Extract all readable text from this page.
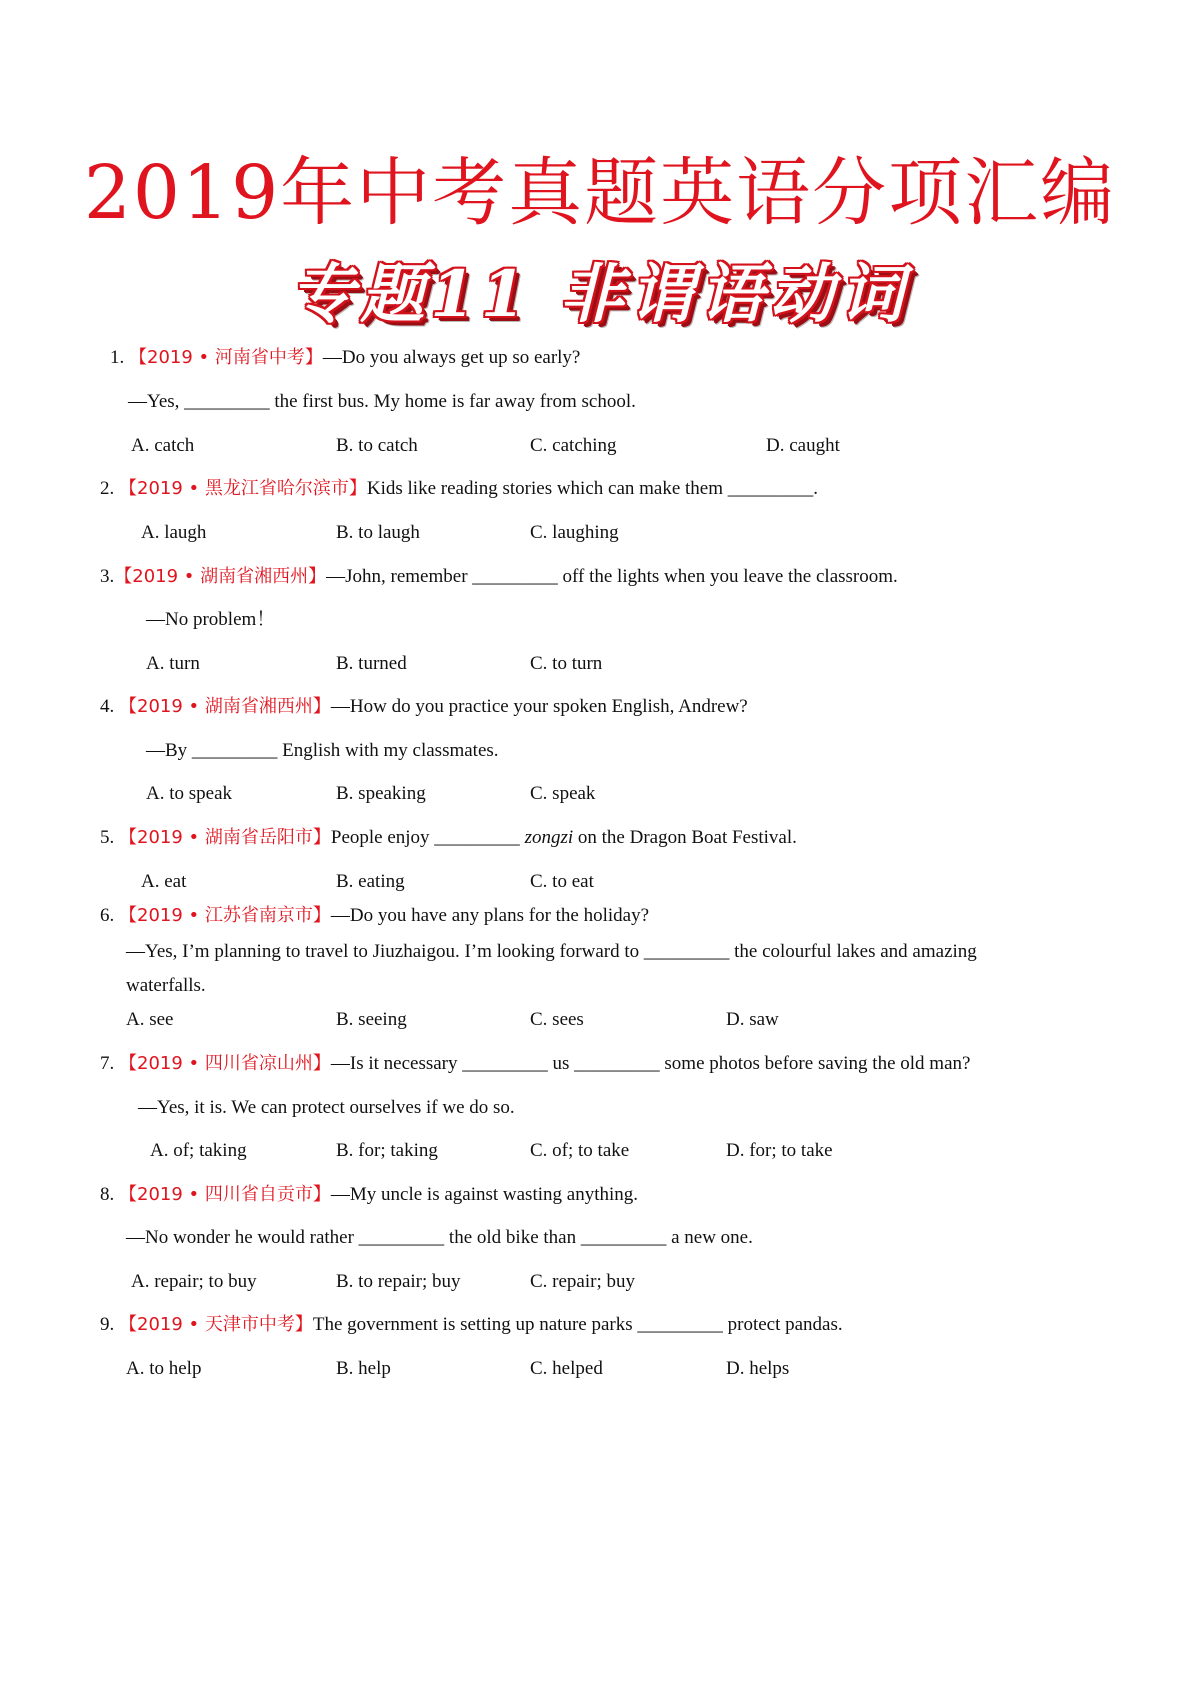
2019年中考真题英语分项汇编
专题11 非谓语动词
1. 【2019 • 河南省中考】—Do you always get up so early?
—Yes, _________ the first bus. My home is far away from school.
A. catch	B. to catch	C. catching	D. caught
2. 【2019 • 黑龙江省哈尔滨市】Kids like reading stories which can make them _________.
A. laugh	B. to laugh	C. laughing
3.【2019 • 湖南省湘西州】—John, remember _________ off the lights when you leave the classroom.
—No problem！
A. turn	B. turned	C. to turn
4. 【2019 • 湖南省湘西州】—How do you practice your spoken English, Andrew?
—By _________ English with my classmates.
A. to speak	B. speaking	C. speak
5. 【2019 • 湖南省岳阳市】People enjoy _________ zongzi on the Dragon Boat Festival.
A. eat	B. eating	C. to eat
6. 【2019 • 江苏省南京市】—Do you have any plans for the holiday?
—Yes, I’m planning to travel to Jiuzhaigou. I’m looking forward to _________ the colourful lakes and amazing
waterfalls.
A. see	B. seeing	C. sees	D. saw
7. 【2019 • 四川省凉山州】—Is it necessary _________ us _________ some photos before saving the old man?
—Yes, it is. We can protect ourselves if we do so.
A. of; taking	B. for; taking	C. of; to take	D. for; to take
8. 【2019 • 四川省自贡市】—My uncle is against wasting anything.
—No wonder he would rather _________ the old bike than _________ a new one.
A. repair; to buy	B. to repair; buy	C. repair; buy
9. 【2019 • 天津市中考】The government is setting up nature parks _________ protect pandas.
A. to help	B. help	C. helped	D. helps
